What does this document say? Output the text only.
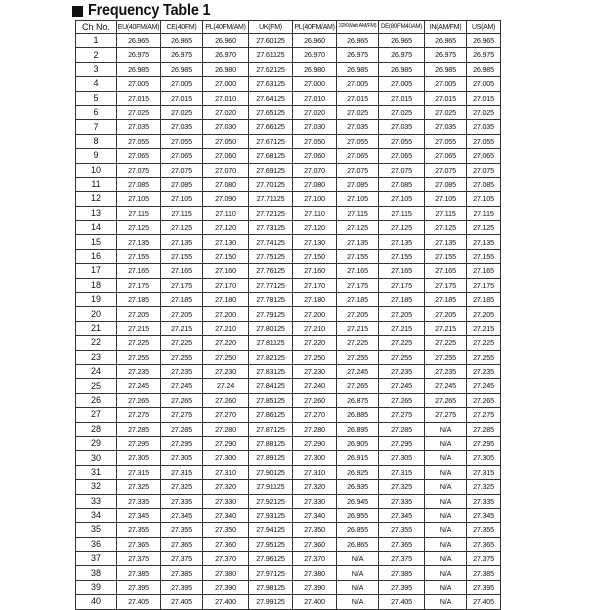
Frequency Table 1
Ch No.	EU(40FM/AM)	CE(40FM)	PL(40FM/AM)	UK(FM)	PL(40FM/AM)	32KWatt AM/FM)	DE(80FM40AM)	IN(AM/FM)	US(AM)
1	26.965	26.965	26.960	27.60125	26.960	26.965	26.965	26.965	26.965
2	26.975	26.975	26.970	27.61125	26.970	26.975	26.975	26.975	26.975
3	26.985	26.985	26.980	27.62125	26.980	26.985	26.985	26.985	26.985
4	27.005	27.005	27.000	27.63125	27.000	27.005	27.005	27.005	27.005
5	27.015	27.015	27.010	27.64125	27.010	27.015	27.015	27.015	27.015
6	27.025	27.025	27.020	27.65125	27.020	27.025	27.025	27.025	27.025
7	27.035	27.035	27.030	27.66125	27.030	27.035	27.035	27.035	27.035
8	27.055	27.055	27.050	27.67125	27.050	27.055	27.055	27.055	27.055
9	27.065	27.065	27.060	27.68125	27.060	27.065	27.065	27.065	27.065
10	27.075	27.075	27.070	27.69125	27.070	27.075	27.075	27.075	27.075
11	27.085	27.085	27.080	27.70125	27.080	27.085	27.085	27.085	27.085
12	27.105	27.105	27.090	27.71125	27.100	27.105	27.105	27.105	27.105
13	27.115	27.115	27.110	27.72125	27.110	27.115	27.115	27.115	27.115
14	27.125	27.125	27.120	27.73125	27.120	27.125	27.125	27.125	27.125
15	27.135	27.135	27.130	27.74125	27.130	27.135	27.135	27.135	27.135
16	27.155	27.155	27.150	27.75125	27.150	27.155	27.155	27.155	27.155
17	27.165	27.165	27.160	27.76125	27.160	27.165	27.165	27.165	27.165
18	27.175	27.175	27.170	27.77125	27.170	27.175	27.175	27.175	27.175
19	27.185	27.185	27.180	27.78125	27.180	27.185	27.185	27.185	27.185
20	27.205	27.205	27.200	27.79125	27.200	27.205	27.205	27.205	27.205
21	27.215	27.215	27.210	27.80125	27.210	27.215	27.215	27.215	27.215
22	27.225	27.225	27.220	27.81125	27.220	27.225	27.225	27.225	27.225
23	27.255	27.255	27.250	27.82125	27.250	27.255	27.255	27.255	27.255
24	27.235	27.235	27.230	27.83125	27.230	27.245	27.235	27.235	27.235
25	27.245	27.245	27.24	27.84125	27.240	27.265	27.245	27.245	27.245
26	27.265	27.265	27.260	27.85125	27.260	26.875	27.265	27.265	27.265
27	27.275	27.275	27.270	27.86125	27.270	26.885	27.275	27.275	27.275
28	27.285	27.285	27.280	27.87125	27.280	26.895	27.285	N/A	27.285
29	27.295	27.295	27.290	27.88125	27.290	26.905	27.295	N/A	27.295
30	27.305	27.305	27.300	27.89125	27.300	26.915	27.305	N/A	27.305
31	27.315	27.315	27.310	27.90125	27.310	26.925	27.315	N/A	27.315
32	27.325	27.325	27.320	27.91125	27.320	26.935	27.325	N/A	27.325
33	27.335	27.335	27.330	27.92125	27.330	26.945	27.335	N/A	27.335
34	27.345	27.345	27.340	27.93125	27.340	26.955	27.345	N/A	27.345
35	27.355	27.355	27.350	27.94125	27.350	26.855	27.355	N/A	27.355
36	27.365	27.365	27.360	27.95125	27.360	26.865	27.365	N/A	27.365
37	27.375	27.375	27.370	27.96125	27.370	N/A	27.375	N/A	27.375
38	27.385	27.385	27.380	27.97125	27.380	N/A	27.385	N/A	27.385
39	27.395	27.395	27.390	27.98125	27.390	N/A	27.395	N/A	27.395
40	27.405	27.405	27.400	27.99125	27.400	N/A	27.405	N/A	27.405
